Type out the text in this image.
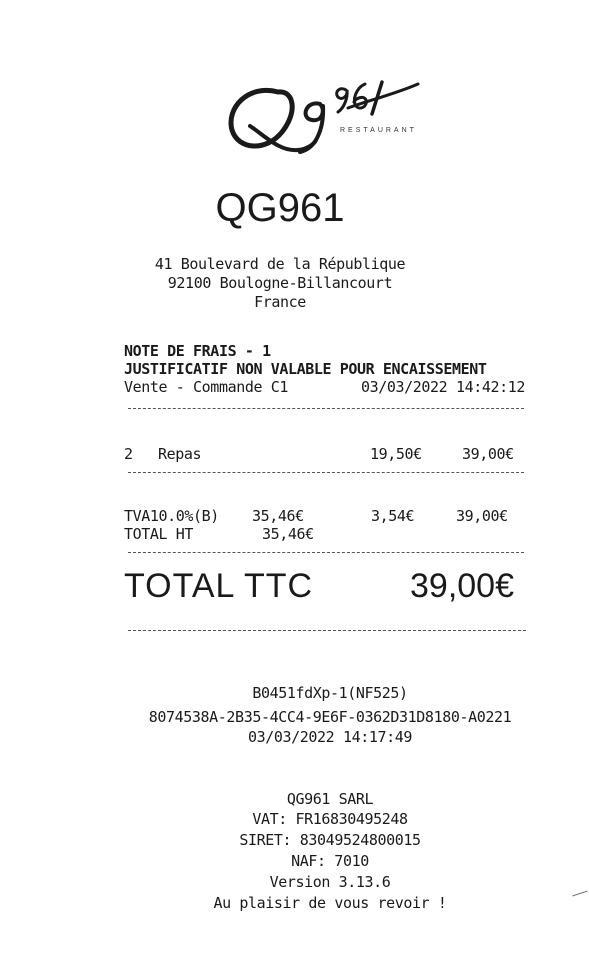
RESTAURANT
QG961
41 Boulevard de la République
92100 Boulogne-Billancourt
France
NOTE DE FRAIS - 1
JUSTIFICATIF NON VALABLE POUR ENCAISSEMENT
Vente - Commande C1	03/03/2022 14:42:12
2 Repas	19,50€	39,00€
TVA10.0%(B) 35,46€	3,54€	39,00€
TOTAL HT	35,46€
TOTAL TTC	39,00€
B0451fdXp-1(NF525)
8074538A-2B35-4CC4-9E6F-0362D31D8180-A0221
03/03/2022 14:17:49
QG961 SARL
VAT: FR16830495248
SIRET: 83049524800015
NAF: 7010
Version 3.13.6
Au plaisir de vous revoir !
